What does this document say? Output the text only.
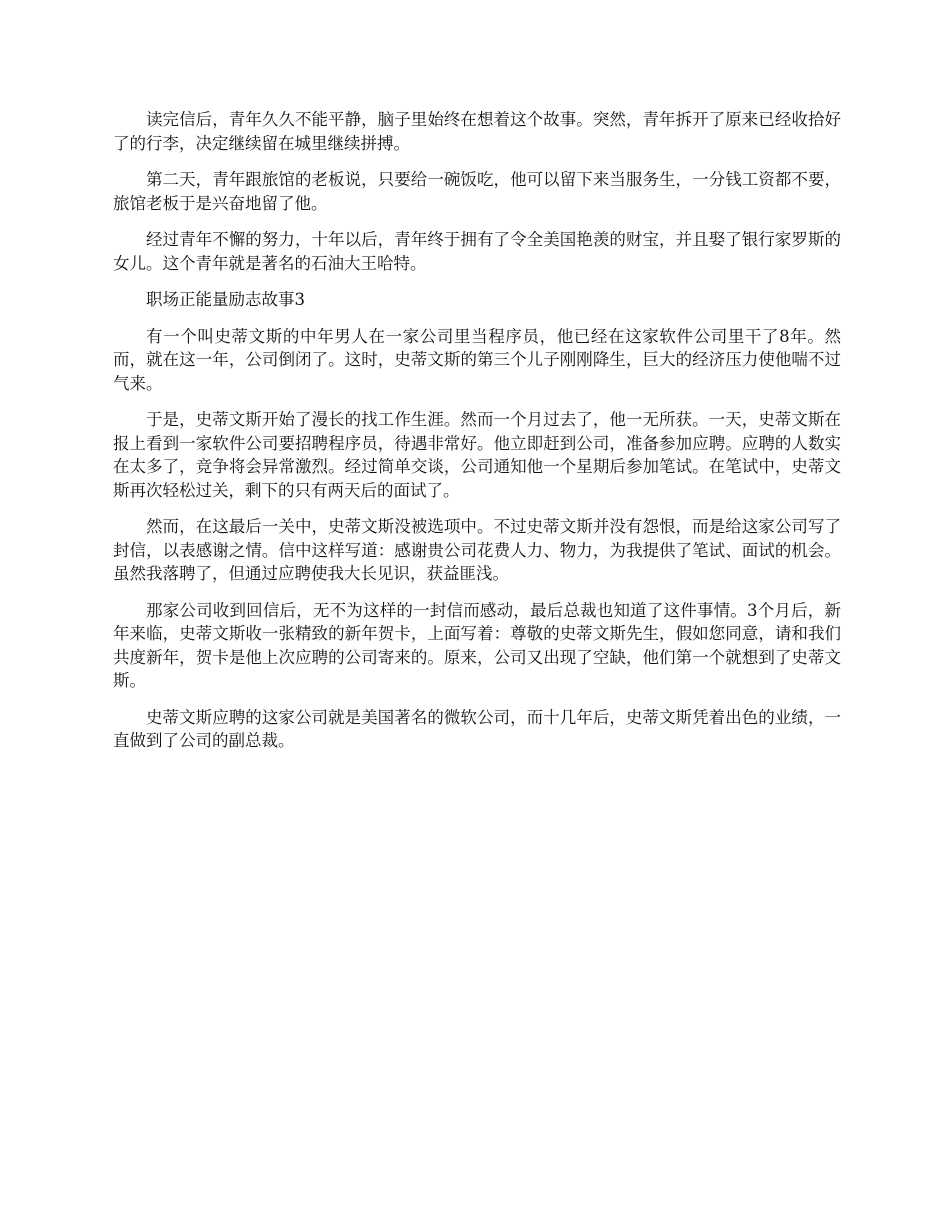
读完信后，青年久久不能平静，脑子里始终在想着这个故事。突然，青年拆开了原来已经收拾好了的行李，决定继续留在城里继续拼搏。

第二天，青年跟旅馆的老板说，只要给一碗饭吃，他可以留下来当服务生，一分钱工资都不要，旅馆老板于是兴奋地留了他。

经过青年不懈的努力，十年以后，青年终于拥有了令全美国艳羡的财宝，并且娶了银行家罗斯的女儿。这个青年就是著名的石油大王哈特。

职场正能量励志故事3

有一个叫史蒂文斯的中年男人在一家公司里当程序员，他已经在这家软件公司里干了8年。然而，就在这一年，公司倒闭了。这时，史蒂文斯的第三个儿子刚刚降生，巨大的经济压力使他喘不过气来。

于是，史蒂文斯开始了漫长的找工作生涯。然而一个月过去了，他一无所获。一天，史蒂文斯在报上看到一家软件公司要招聘程序员，待遇非常好。他立即赶到公司，准备参加应聘。应聘的人数实在太多了，竞争将会异常激烈。经过简单交谈，公司通知他一个星期后参加笔试。在笔试中，史蒂文斯再次轻松过关，剩下的只有两天后的面试了。

然而，在这最后一关中，史蒂文斯没被选项中。不过史蒂文斯并没有怨恨，而是给这家公司写了封信，以表感谢之情。信中这样写道：感谢贵公司花费人力、物力，为我提供了笔试、面试的机会。虽然我落聘了，但通过应聘使我大长见识，获益匪浅。

那家公司收到回信后，无不为这样的一封信而感动，最后总裁也知道了这件事情。3个月后，新年来临，史蒂文斯收一张精致的新年贺卡，上面写着：尊敬的史蒂文斯先生，假如您同意，请和我们共度新年，贺卡是他上次应聘的公司寄来的。原来，公司又出现了空缺，他们第一个就想到了史蒂文斯。

史蒂文斯应聘的这家公司就是美国著名的微软公司，而十几年后，史蒂文斯凭着出色的业绩，一直做到了公司的副总裁。
